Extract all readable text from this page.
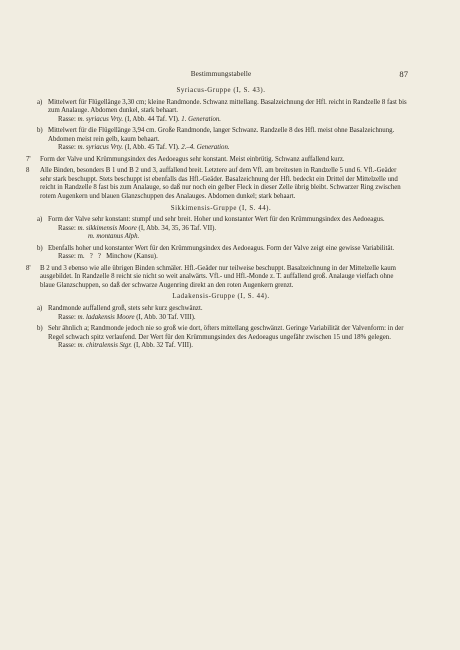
Bestimmungstabelle	87
Syriacus-Gruppe (I, S. 43).
a) Mittelwert für Flügellänge 3,30 cm; kleine Randmonde. Schwanz mittellang. Basalzeichnung der Hfl. reicht in Randzelle 8 fast bis zum Analauge. Abdomen dunkel, stark behaart.
Rasse: m. syriacus Vrty. (I, Abb. 44 Taf. VI). 1. Generation.
b) Mittelwert für die Flügellänge 3,94 cm. Große Randmonde, langer Schwanz. Randzelle 8 des Hfl. meist ohne Basalzeichnung. Abdomen meist rein gelb, kaum behaart.
Rasse: m. syriacus Vrty. (I, Abb. 45 Taf. VI). 2.–4. Generation.
7' Form der Valve und Krümmungsindex des Aedoeagus sehr konstant. Meist einbrütig. Schwanz auffallend kurz.
8 Alle Binden, besonders B 1 und B 2 und 3, auffallend breit. Letztere auf dem Vfl. am breitesten in Randzelle 5 und 6. Vfl.-Geäder sehr stark beschuppt. Stets beschuppt ist ebenfalls das Hfl.-Geäder. Basalzeichnung der Hfl. bedeckt ein Drittel der Mittelzelle und reicht in Randzelle 8 fast bis zum Analauge, so daß nur noch ein gelber Fleck in dieser Zelle übrig bleibt. Schwarzer Ring zwischen rotem Augenkern und blauen Glanzschuppen des Analauges. Abdomen dunkel; stark behaart.
Sikkimensis-Gruppe (I, S. 44).
a) Form der Valve sehr konstant: stumpf und sehr breit. Hoher und konstanter Wert für den Krümmungsindex des Aedoeagus.
Rasse: m. sikkimensis Moore (I, Abb. 34, 35, 36 Taf. VII).
m. montanus Alph.
b) Ebenfalls hoher und konstanter Wert für den Krümmungsindex des Aedoeagus. Form der Valve zeigt eine gewisse Variabilität.
Rasse: m.   ?   ?   Minchow (Kansu).
8' B 2 und 3 ebenso wie alle übrigen Binden schmäler. Hfl.-Geäder nur teilweise beschuppt. Basalzeichnung in der Mittelzelle kaum ausgebildet. In Randzelle 8 reicht sie nicht so weit analwärts. Vfl.- und Hfl.-Monde z. T. auffallend groß. Analauge vielfach ohne blaue Glanzschuppen, so daß der schwarze Augenring direkt an den roten Augenkern grenzt.
Ladakensis-Gruppe (I, S. 44).
a) Randmonde auffallend groß, stets sehr kurz geschwänzt.
Rasse: m. ladakensis Moore (I, Abb. 30 Taf. VIII).
b) Sehr ähnlich a; Randmonde jedoch nie so groß wie dort, öfters mittellang geschwänzt. Geringe Variabilität der Valvenform: in der Regel schwach spitz verlaufend. Der Wert für den Krümmungsindex des Aedoeagus ungefähr zwischen 15 und 18% gelegen.
Rasse: m. chitralensis Stgr. (I, Abb. 32 Taf. VIII).
